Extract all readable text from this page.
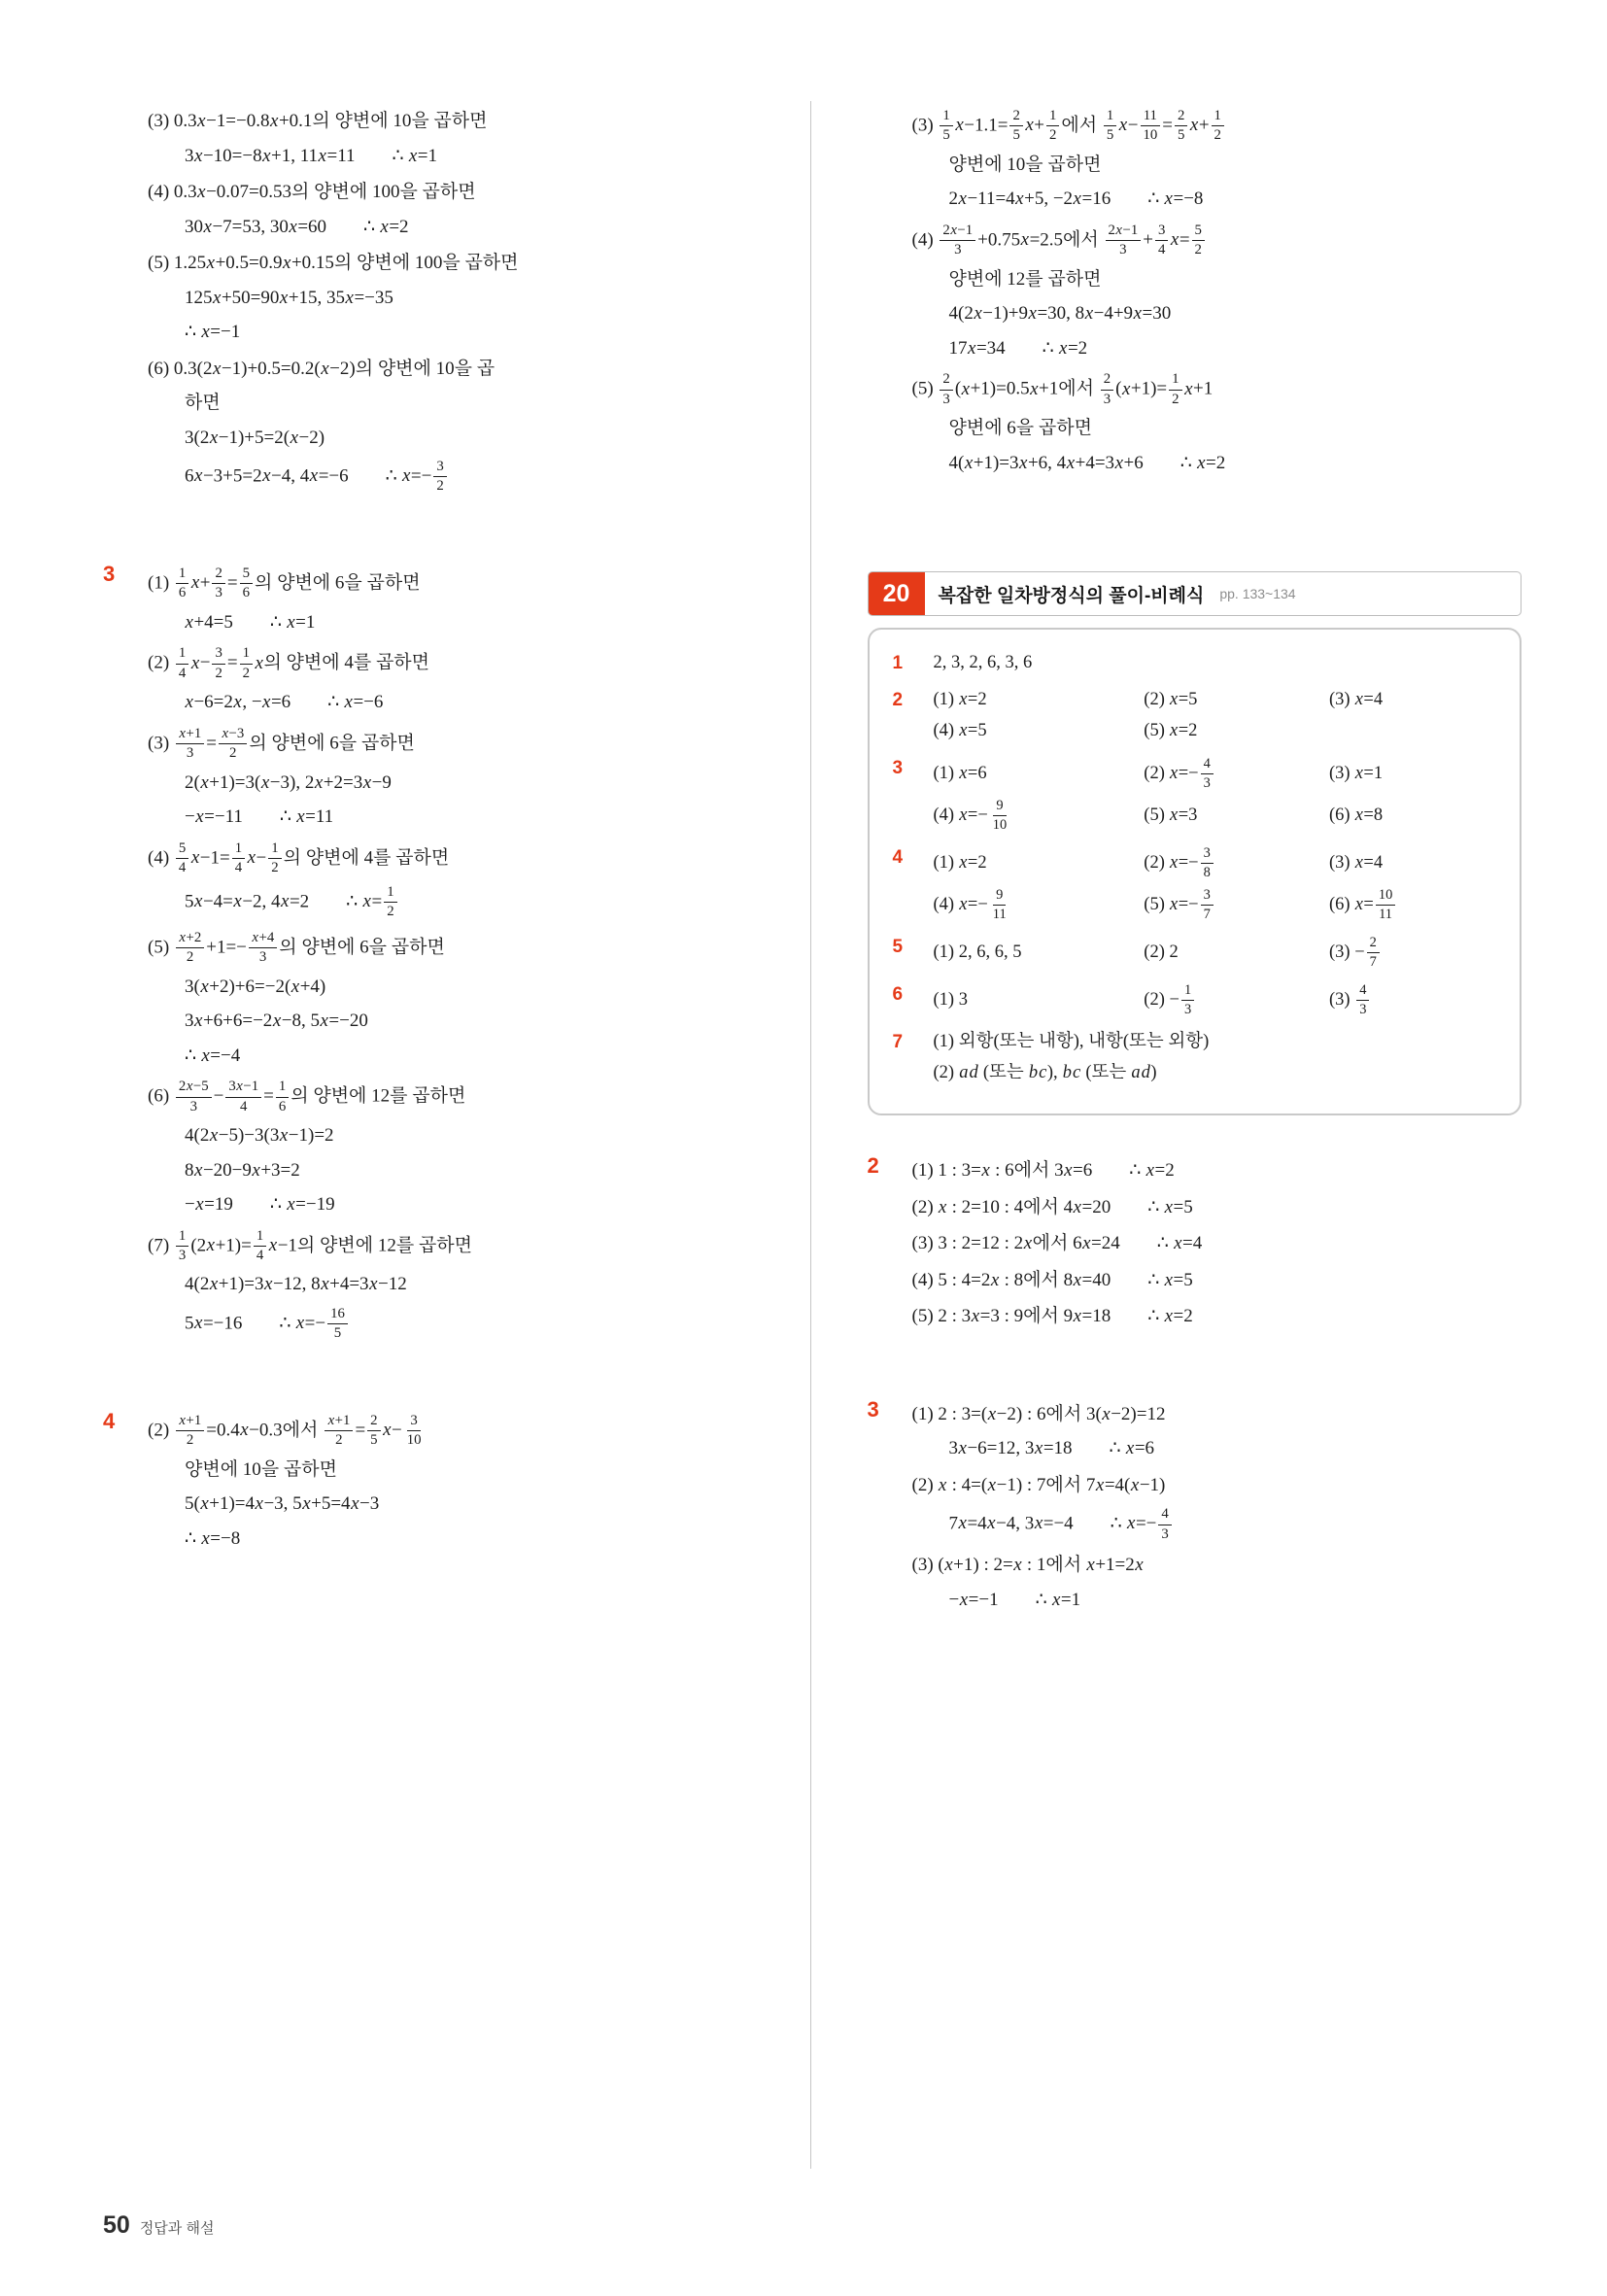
(3) 0.3x−1=−0.8x+0.1의 양변에 10을 곱하면
3x−10=−8x+1, 11x=11  ∴ x=1
(4) 0.3x−0.07=0.53의 양변에 100을 곱하면
30x−7=53, 30x=60  ∴ x=2
(5) 1.25x+0.5=0.9x+0.15의 양변에 100을 곱하면
125x+50=90x+15, 35x=−35
∴ x=−1
(6) 0.3(2x−1)+0.5=0.2(x−2)의 양변에 10을 곱
하면
3(2x−1)+5=2(x−2)
6x−3+5=2x−4, 4x=−6  ∴ $x=- \frac{3}{2}$
3	$(1) \frac{1}{6} x+ \frac{2}{3} = \frac{5}{6}$ 의 양변에 6을 곱하면
x+4=5  ∴ x=1
$(2) \frac{1}{4} x- \frac{3}{2} = \frac{1}{2}$ x의 양변에 4를 곱하면
x−6=2x, −x=6  ∴ x=−6
$(3) \frac{x+1}{3} = \frac{x-3}{2}$ 의 양변에 6을 곱하면
2(x+1)=3(x−3), 2x+2=3x−9
−x=−11  ∴ x=11
$(4) \frac{5}{4} x-1= \frac{1}{4} x- \frac{1}{2}$ 의 양변에 4를 곱하면
5x−4=x−2, 4x=2  ∴ $x= \frac{1}{2}$
$(5) \frac{x+2}{2} +1=- \frac{x+4}{3}$ 의 양변에 6을 곱하면
3(x+2)+6=−2(x+4)
3x+6+6=−2x−8, 5x=−20
∴ x=−4
$(6) \frac{2x-5}{3} - \frac{3x-1}{4} = \frac{1}{6}$ 의 양변에 12를 곱하면
4(2x−5)−3(3x−1)=2
8x−20−9x+3=2
−x=19  ∴ x=−19
$(7) \frac{1}{3} (2x+1)= \frac{1}{4} x-1$의 양변에 12를 곱하면
4(2x+1)=3x−12, 8x+4=3x−12
5x=−16  ∴ $x=- \frac{16}{5}$
4	$(2) \frac{x+1}{2} =0.4x-0.3$에서 $\frac{x+1}{2} = \frac{2}{5} x- \frac{3}{10}$
양변에 10을 곱하면
5(x+1)=4x−3, 5x+5=4x−3
∴ x=−8
$(3) \frac{1}{5} x-1.1= \frac{2}{5} x+ \frac{1}{2}$ 에서 $\frac{1}{5} x- \frac{11}{10} = \frac{2}{5} x+ \frac{1}{2}$
양변에 10을 곱하면
2x−11=4x+5, −2x=16  ∴ x=−8
$(4) \frac{2x-1}{3} +0.75x=2.5$에서 $\frac{2x-1}{3} + \frac{3}{4} x= \frac{5}{2}$
양변에 12를 곱하면
4(2x−1)+9x=30, 8x−4+9x=30
17x=34  ∴ x=2
$(5) \frac{2}{3} (x+1)=0.5x+1$에서 $\frac{2}{3} (x+1)= \frac{1}{2} x+1$
양변에 6을 곱하면
4(x+1)=3x+6, 4x+4=3x+6  ∴ x=2
20	복잡한 일차방정식의 풀이-비례식 pp. 133~134
1	2, 3, 2, 6, 3, 6
2	(1) x=2	(2) x=5	(3) x=4
(4) x=5	(5) x=2
3	(1) x=6	(2) $x=- \frac{4}{3}$	(3) x=1
(4) $x=- \frac{9}{10}$	(5) x=3	(6) x=8
4	(1) x=2	(2) $x=- \frac{3}{8}$	(3) x=4
(4) $x=- \frac{9}{11}$	(5) $x=- \frac{3}{7}$	(6) $x= \frac{10}{11}$
5	(1) 2, 6, 6, 5	(2) 2	$(3) - \frac{2}{7}$
6	(1) 3	$(2) - \frac{1}{3}$	$(3) \frac{4}{3}$
7	(1) 외항(또는 내항), 내항(또는 외항)
(2) ad (또는 bc), bc (또는 ad)
2	(1) 1 : 3=x : 6에서 3x=6  ∴ x=2
(2) x : 2=10 : 4에서 4x=20  ∴ x=5
(3) 3 : 2=12 : 2x에서 6x=24  ∴ x=4
(4) 5 : 4=2x : 8에서 8x=40  ∴ x=5
(5) 2 : 3x=3 : 9에서 9x=18  ∴ x=2
3	(1) 2 : 3=(x−2) : 6에서 3(x−2)=12
3x−6=12, 3x=18  ∴ x=6
(2) x : 4=(x−1) : 7에서 7x=4(x−1)
7x=4x−4, 3x=−4  ∴ $x=- \frac{4}{3}$
(3) (x+1) : 2=x : 1에서 x+1=2x
−x=−1  ∴ x=1
50 정답과 해설
